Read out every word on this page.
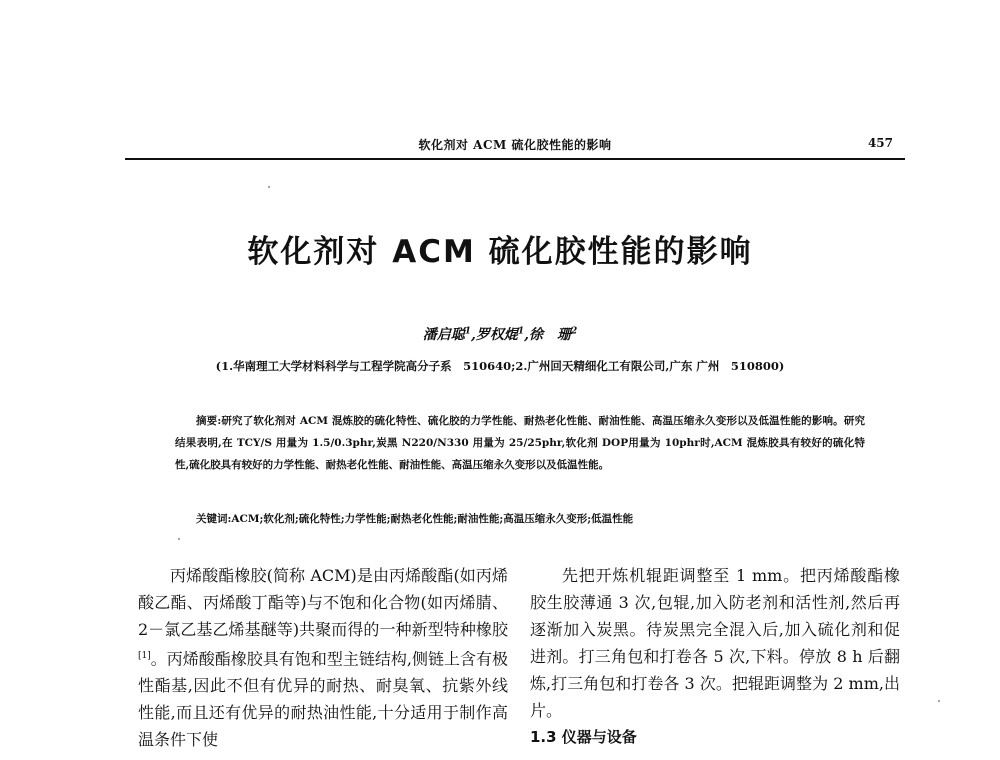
软化剂对 ACM 硫化胶性能的影响	457
软化剂对 ACM 硫化胶性能的影响
潘启聪$^1$,罗权焜$^1$,徐　珊$^2$
(1.华南理工大学材料科学与工程学院高分子系　510640;2.广州回天精细化工有限公司,广东 广州　510800)
摘要:研究了软化剂对 ACM 混炼胶的硫化特性、硫化胶的力学性能、耐热老化性能、耐油性能、高温压缩永久变形以及低温性能的影响。研究结果表明,在 TCY/S 用量为 1.5/0.3phr,炭黑 N220/N330 用量为 25/25phr,软化剂 DOP用量为 10phr时,ACM 混炼胶具有较好的硫化特性,硫化胶具有较好的力学性能、耐热老化性能、耐油性能、高温压缩永久变形以及低温性能。
关键词:ACM;软化剂;硫化特性;力学性能;耐热老化性能;耐油性能;高温压缩永久变形;低温性能

丙烯酸酯橡胶(简称 ACM)是由丙烯酸酯(如丙烯酸乙酯、丙烯酸丁酯等)与不饱和化合物(如丙烯腈、2－氯乙基乙烯基醚等)共聚而得的一种新型特种橡胶[1]。丙烯酸酯橡胶具有饱和型主链结构,侧链上含有极性酯基,因此不但有优异的耐热、耐臭氧、抗紫外线性能,而且还有优异的耐热油性能,十分适用于制作高温条件下使

先把开炼机辊距调整至 1 mm。把丙烯酸酯橡胶生胶薄通 3 次,包辊,加入防老剂和活性剂,然后再逐渐加入炭黑。待炭黑完全混入后,加入硫化剂和促进剂。打三角包和打卷各 5 次,下料。停放 8 h 后翻炼,打三角包和打卷各 3 次。把辊距调整为 2 mm,出片。

1.3 仪器与设备
